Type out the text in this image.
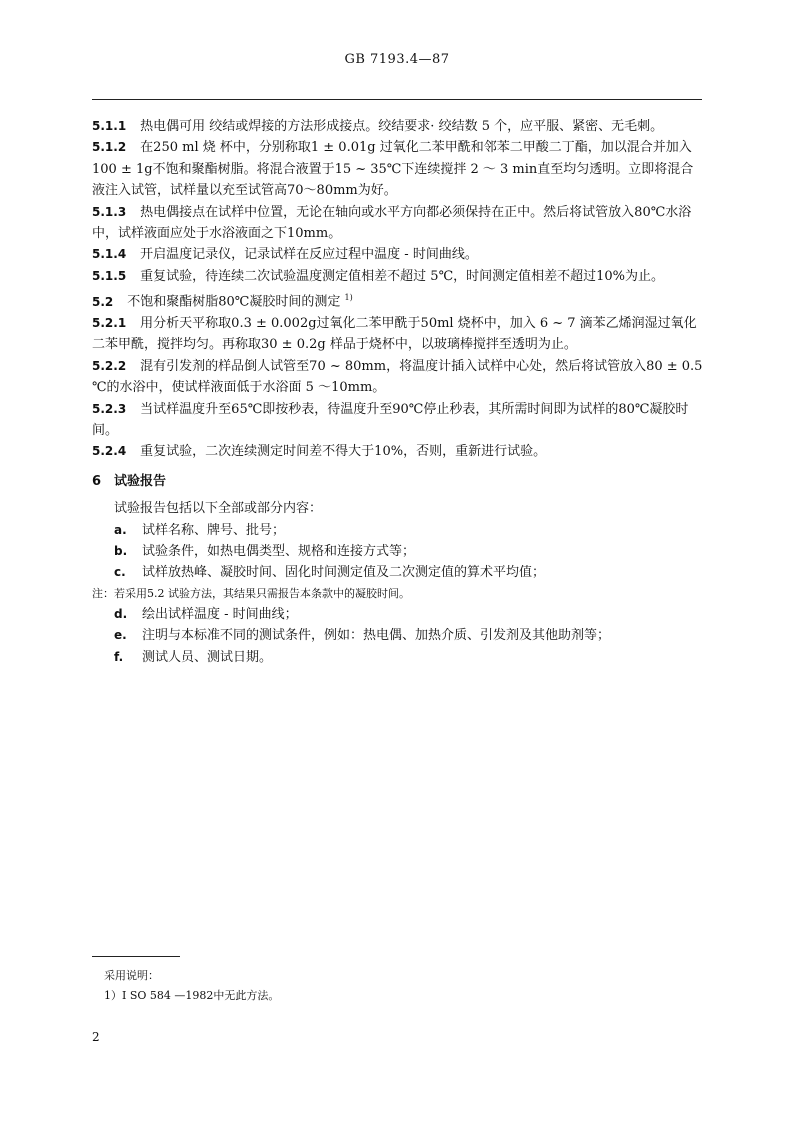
GB 7193.4—87

5.1.1 热电偶可用 绞结或焊接的方法形成接点。绞结要求· 绞结数 5 个，应平服、紧密、无毛刺。

5.1.2 在250 ml 烧 杯中，分别称取1 ± 0.01g 过氧化二苯甲酰和邻苯二甲酸二丁酯，加以混合并加入100 ± 1g不饱和聚酯树脂。将混合液置于15 ~ 35℃下连续搅拌 2 ～ 3 min直至均匀透明。立即将混合液注入试管，试样量以充至试管高70～80mm为好。

5.1.3 热电偶接点在试样中位置，无论在轴向或水平方向都必须保持在正中。然后将试管放入80℃水浴中，试样液面应处于水浴液面之下10mm。

5.1.4 开启温度记录仪，记录试样在反应过程中温度 - 时间曲线。

5.1.5 重复试验，待连续二次试验温度测定值相差不超过 5℃，时间测定值相差不超过10%为止。

5.2 不饱和聚酯树脂80℃凝胶时间的测定 $^{1)}$

5.2.1 用分析天平称取0.3 ± 0.002g过氧化二苯甲酰于50ml 烧杯中，加入 6 ~ 7 滴苯乙烯润湿过氧化二苯甲酰，搅拌均匀。再称取30 ± 0.2g 样品于烧杯中，以玻璃棒搅拌至透明为止。

5.2.2 混有引发剂的样品倒人试管至70 ~ 80mm，将温度计插入试样中心处，然后将试管放入80 ± 0.5 ℃的水浴中，使试样液面低于水浴面 5 ～10mm。

5.2.3 当试样温度升至65℃即按秒表，待温度升至90℃停止秒表，其所需时间即为试样的80℃凝胶时间。

5.2.4 重复试验，二次连续测定时间差不得大于10%，否则，重新进行试验。

6 试验报告
试验报告包括以下全部或部分内容：
a. 试样名称、牌号、批号；
b. 试验条件，如热电偶类型、规格和连接方式等；
c. 试样放热峰、凝胶时间、固化时间测定值及二次测定值的算术平均值；
注：若采用5.2 试验方法，其结果只需报告本条款中的凝胶时间。
d. 绘出试样温度 - 时间曲线；
e. 注明与本标准不同的测试条件，例如：热电偶、加热介质、引发剂及其他助剂等；
f. 测试人员、测试日期。
采用说明：
1）I SO 584 —1982中无此方法。
2
